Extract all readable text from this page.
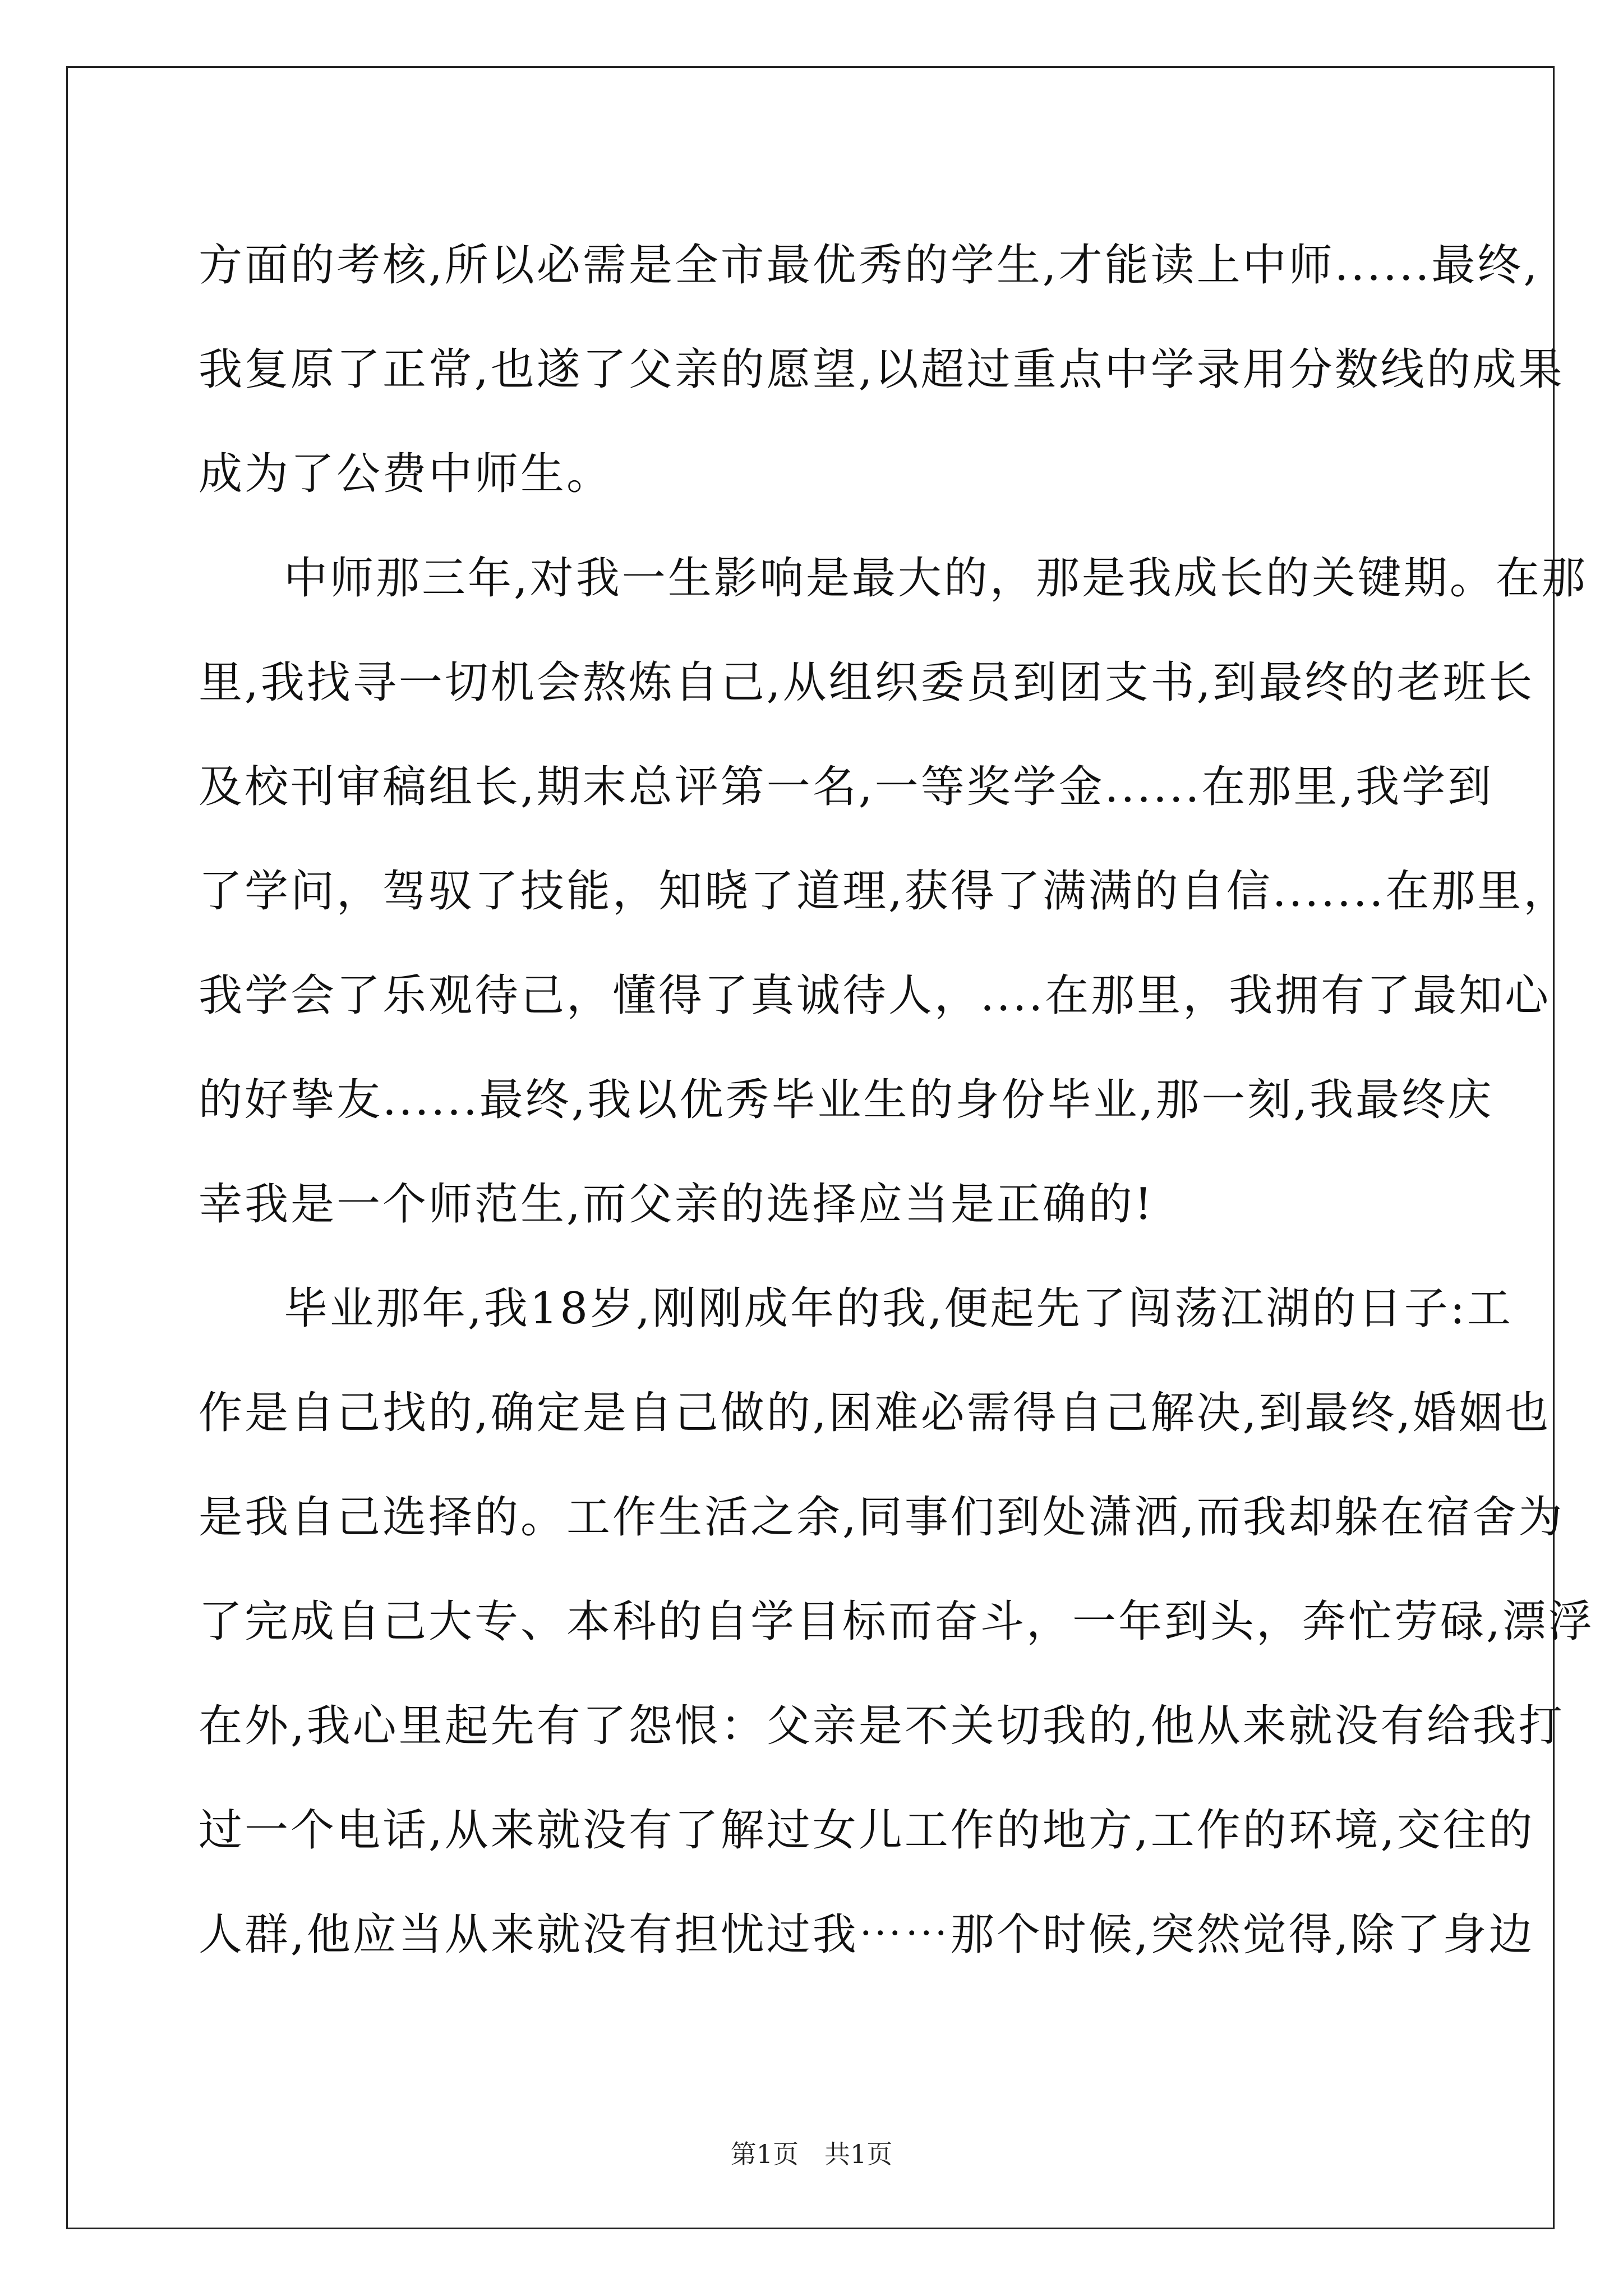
方面的考核,所以必需是全市最优秀的学生,才能读上中师......最终,
我复原了正常,也遂了父亲的愿望,以超过重点中学录用分数线的成果
成为了公费中师生。
中师那三年,对我一生影响是最大的，那是我成长的关键期。在那
里,我找寻一切机会熬炼自己,从组织委员到团支书,到最终的老班长
及校刊审稿组长,期末总评第一名,一等奖学金......在那里,我学到
了学问，驾驭了技能，知晓了道理,获得了满满的自信.......在那里，
我学会了乐观待己，懂得了真诚待人，....在那里，我拥有了最知心
的好挚友......最终,我以优秀毕业生的身份毕业,那一刻,我最终庆
幸我是一个师范生,而父亲的选择应当是正确的!
毕业那年,我18岁,刚刚成年的我,便起先了闯荡江湖的日子:工
作是自己找的,确定是自己做的,困难必需得自己解决,到最终,婚姻也
是我自己选择的。工作生活之余,同事们到处潇洒,而我却躲在宿舍为
了完成自己大专、本科的自学目标而奋斗，一年到头，奔忙劳碌,漂浮
在外,我心里起先有了怨恨：父亲是不关切我的,他从来就没有给我打
过一个电话,从来就没有了解过女儿工作的地方,工作的环境,交往的
人群,他应当从来就没有担忧过我⋯⋯那个时候,突然觉得,除了身边
第1页　共1页
